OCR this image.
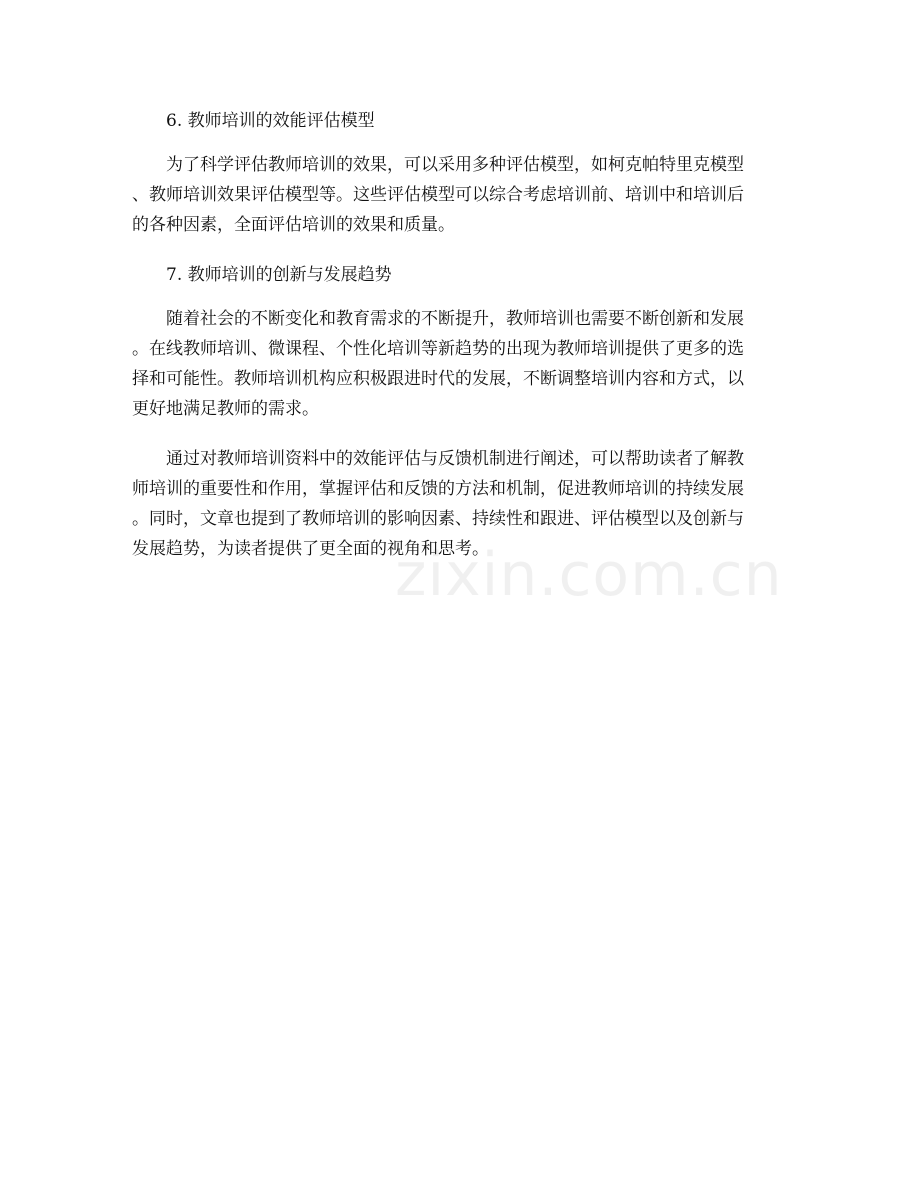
6. 教师培训的效能评估模型
为了科学评估教师培训的效果，可以采用多种评估模型，如柯克帕特里克模型
、教师培训效果评估模型等。这些评估模型可以综合考虑培训前、培训中和培训后
的各种因素，全面评估培训的效果和质量。
7. 教师培训的创新与发展趋势
随着社会的不断变化和教育需求的不断提升，教师培训也需要不断创新和发展
。在线教师培训、微课程、个性化培训等新趋势的出现为教师培训提供了更多的选
择和可能性。教师培训机构应积极跟进时代的发展，不断调整培训内容和方式，以
更好地满足教师的需求。
通过对教师培训资料中的效能评估与反馈机制进行阐述，可以帮助读者了解教
师培训的重要性和作用，掌握评估和反馈的方法和机制，促进教师培训的持续发展
。同时，文章也提到了教师培训的影响因素、持续性和跟进、评估模型以及创新与
发展趋势，为读者提供了更全面的视角和思考。
zixin.com.cn
